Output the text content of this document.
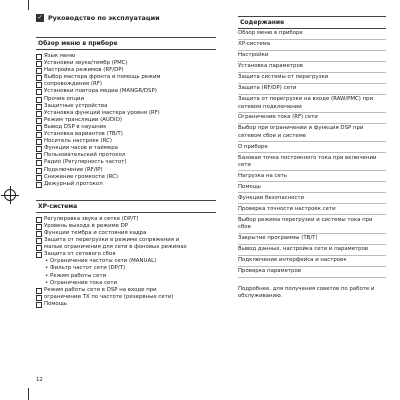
✓ Руководство по эксплуатации
Обзор меню в приборе
Язык меню
Установки звука/тембр (PMC)
Настройка режимов (RF/DP)
Выбор мастера фронта и помощь режим
сопровождения (RF)
Установки повтора медиа (MANGR/DSP)
Прочие опции
Защитные устройства
Установка функций мастера уровня (RF)
Режим трансляции (AUDIO)
Вывод DSP в наушник
Установка вариантов (ТВ/Т)
Носитель настроек (RC)
Функции часов и таймера
Пользовательский протокол
Радио (Регулярность частот)
Подключение (RF/IP)
Снижение громкости (RC)
Дежурный протокол
XP-система
Регулировка звука в сетке (DP/T)
Уровень выхода в режиме DP
Функции тембра и состояния кадра
Защита от перегрузки в режиме сопряжения и
малые ограничения для сети в фоновых режимах
Защита от сетевого сбоя
• Ограничение частоты сети (MANUAL)
• Фильтр частот сети (DP/T)
• Режим работы сети
• Ограничение тока сети
Режим работы сети в DSP на входе при
ограничении TX по частоте (резервные сети)
Помощь
12
Содержание
Обзор меню в приборе
XP-система
Настройки
Установка параметров
Защита системы от перегрузки
Защита (RF/DP) сети
Защита от перегрузки на входе (RAW/PMC) при сетевом подключении
Ограничение тока (RF) сети
Выбор при ограничении и функция DSP при сетевом сбое и системе
О приборе
Базовая точка постоянного тока при включении сети
Нагрузка на сеть
Помощь
Функции безопасности
Проверка точности настроек сети
Выбор режима перегрузки и системы тока при сбое
Закрытие программы (ТВ/Т)
Вывод данных, настройка сети и параметров
Подключение интерфейса и настроек
Проверка параметров
Подробнее, для получения советов по работе и обслуживанию.
